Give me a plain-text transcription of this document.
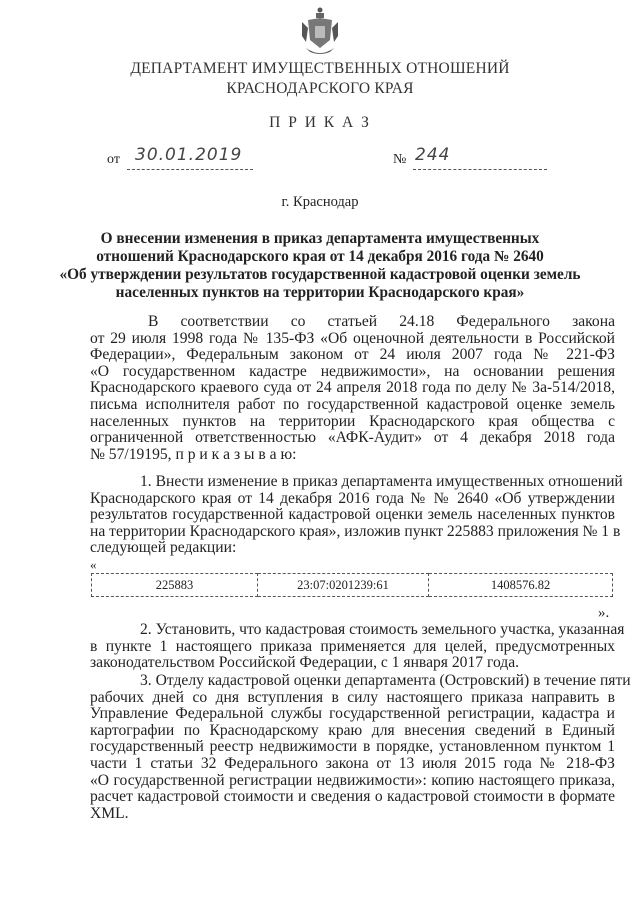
ДЕПАРТАМЕНТ ИМУЩЕСТВЕННЫХ ОТНОШЕНИЙ
КРАСНОДАРСКОГО КРАЯ
П Р И К А З
от 30.01.2019	№ 244
г. Краснодар
О внесении изменения в приказ департамента имущественных
отношений Краснодарского края от 14 декабря 2016 года № 2640
«Об утверждении результатов государственной кадастровой оценки земель
населенных пунктов на территории Краснодарского края»
В соответствии со статьей 24.18 Федерального закона
от 29 июля 1998 года № 135-ФЗ «Об оценочной деятельности в Российской
Федерации», Федеральным законом от 24 июля 2007 года № 221-ФЗ
«О государственном кадастре недвижимости», на основании решения
Краснодарского краевого суда от 24 апреля 2018 года по делу № 3а-514/2018,
письма исполнителя работ по государственной кадастровой оценке земель
населенных пунктов на территории Краснодарского края общества с
ограниченной ответственностью «АФК-Аудит» от 4 декабря 2018 года
№ 57/19195, п р и к а з ы в а ю:
1. Внести изменение в приказ департамента имущественных отношений
Краснодарского края от 14 декабря 2016 года № № 2640 «Об утверждении
результатов государственной кадастровой оценки земель населенных пунктов
на территории Краснодарского края», изложив пункт 225883 приложения № 1 в
следующей редакции:
2. Установить, что кадастровая стоимость земельного участка, указанная
в пункте 1 настоящего приказа применяется для целей, предусмотренных
законодательством Российской Федерации, с 1 января 2017 года.
3. Отделу кадастровой оценки департамента (Островский) в течение пяти
рабочих дней со дня вступления в силу настоящего приказа направить в
Управление Федеральной службы государственной регистрации, кадастра и
картографии по Краснодарскому краю для внесения сведений в Единый
государственный реестр недвижимости в порядке, установленном пунктом 1
части 1 статьи 32 Федерального закона от 13 июля 2015 года № 218-ФЗ
«О государственной регистрации недвижимости»: копию настоящего приказа,
расчет кадастровой стоимости и сведения о кадастровой стоимости в формате
XML.
«
225883	23:07:0201239:61	1408576.82
».
